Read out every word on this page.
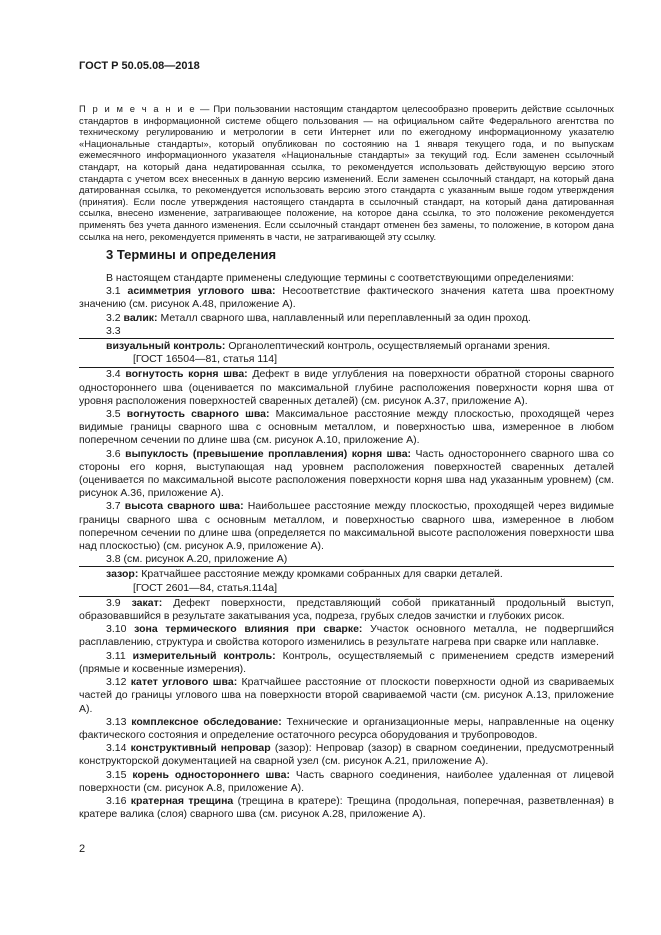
ГОСТ Р 50.05.08—2018
П р и м е ч а н и е — При пользовании настоящим стандартом целесообразно проверить действие ссылочных стандартов в информационной системе общего пользования — на официальном сайте Федерального агентства по техническому регулированию и метрологии в сети Интернет или по ежегодному информационному указателю «Национальные стандарты», который опубликован по состоянию на 1 января текущего года, и по выпускам ежемесячного информационного указателя «Национальные стандарты» за текущий год. Если заменен ссылочный стандарт, на который дана недатированная ссылка, то рекомендуется использовать действующую версию этого стандарта с учетом всех внесенных в данную версию изменений. Если заменен ссылочный стандарт, на который дана датированная ссылка, то рекомендуется использовать версию этого стандарта с указанным выше годом утверждения (принятия). Если после утверждения настоящего стандарта в ссылочный стандарт, на который дана датированная ссылка, внесено изменение, затрагивающее положение, на которое дана ссылка, то это положение рекомендуется применять без учета данного изменения. Если ссылочный стандарт отменен без замены, то положение, в котором дана ссылка на него, рекомендуется применять в части, не затрагивающей эту ссылку.
3 Термины и определения

В настоящем стандарте применены следующие термины с соответствующими определениями:

3.1 асимметрия углового шва: Несоответствие фактического значения катета шва проектному значению (см. рисунок А.48, приложение А).

3.2 валик: Металл сварного шва, наплавленный или переплавленный за один проход.

3.3

визуальный контроль: Органолептический контроль, осуществляемый органами зрения.

[ГОСТ 16504—81, статья 114]

3.4 вогнутость корня шва: Дефект в виде углубления на поверхности обратной стороны сварного одностороннего шва (оценивается по максимальной глубине расположения поверхности корня шва от уровня расположения поверхностей сваренных деталей) (см. рисунок А.37, приложение А).

3.5 вогнутость сварного шва: Максимальное расстояние между плоскостью, проходящей через видимые границы сварного шва с основным металлом, и поверхностью шва, измеренное в любом поперечном сечении по длине шва (см. рисунок А.10, приложение А).

3.6 выпуклость (превышение проплавления) корня шва: Часть одностороннего сварного шва со стороны его корня, выступающая над уровнем расположения поверхностей сваренных деталей (оценивается по максимальной высоте расположения поверхности корня шва над указанным уровнем) (см. рисунок А.36, приложение А).

3.7 высота сварного шва: Наибольшее расстояние между плоскостью, проходящей через видимые границы сварного шва с основным металлом, и поверхностью сварного шва, измеренное в любом поперечном сечении по длине шва (определяется по максимальной высоте расположения поверхности шва над плоскостью) (см. рисунок А.9, приложение А).

3.8 (см. рисунок А.20, приложение А)

зазор: Кратчайшее расстояние между кромками собранных для сварки деталей.

[ГОСТ 2601—84, статья.114а]

3.9 закат: Дефект поверхности, представляющий собой прикатанный продольный выступ, образовавшийся в результате закатывания уса, подреза, грубых следов зачистки и глубоких рисок.

3.10 зона термического влияния при сварке: Участок основного металла, не подвергшийся расплавлению, структура и свойства которого изменились в результате нагрева при сварке или наплавке.

3.11 измерительный контроль: Контроль, осуществляемый с применением средств измерений (прямые и косвенные измерения).

3.12 катет углового шва: Кратчайшее расстояние от плоскости поверхности одной из свариваемых частей до границы углового шва на поверхности второй свариваемой части (см. рисунок А.13, приложение А).

3.13 комплексное обследование: Технические и организационные меры, направленные на оценку фактического состояния и определение остаточного ресурса оборудования и трубопроводов.

3.14 конструктивный непровар (зазор): Непровар (зазор) в сварном соединении, предусмотренный конструкторской документацией на сварной узел (см. рисунок А.21, приложение А).

3.15 корень одностороннего шва: Часть сварного соединения, наиболее удаленная от лицевой поверхности (см. рисунок А.8, приложение А).

3.16 кратерная трещина (трещина в кратере): Трещина (продольная, поперечная, разветвленная) в кратере валика (слоя) сварного шва (см. рисунок А.28, приложение А).

2
